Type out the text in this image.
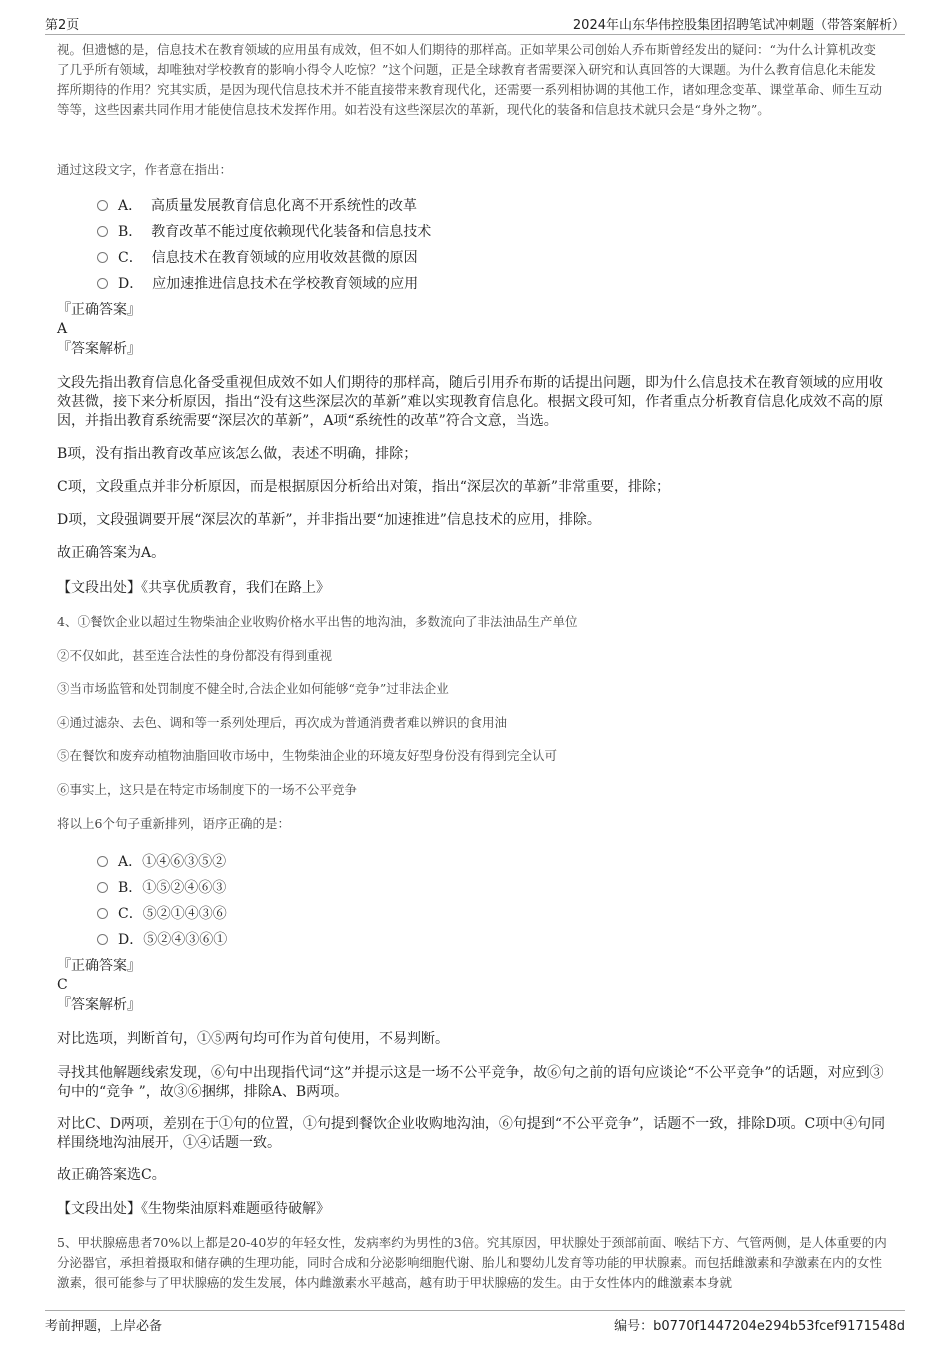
第2页	2024年山东华伟控股集团招聘笔试冲刺题（带答案解析）

视。但遗憾的是，信息技术在教育领域的应用虽有成效，但不如人们期待的那样高。正如苹果公司创始人乔布斯曾经发出的疑问：“为什么计算机改变了几乎所有领域，却唯独对学校教育的影响小得令人吃惊？”这个问题，正是全球教育者需要深入研究和认真回答的大课题。为什么教育信息化未能发挥所期待的作用？究其实质，是因为现代信息技术并不能直接带来教育现代化，还需要一系列相协调的其他工作，诸如理念变革、课堂革命、师生互动等等，这些因素共同作用才能使信息技术发挥作用。如若没有这些深层次的革新，现代化的装备和信息技术就只会是“身外之物”。

通过这段文字，作者意在指出：

A． 高质量发展教育信息化离不开系统性的改革
B． 教育改革不能过度依赖现代化装备和信息技术
C． 信息技术在教育领域的应用收效甚微的原因
D． 应加速推进信息技术在学校教育领域的应用

『正确答案』

A

『答案解析』

文段先指出教育信息化备受重视但成效不如人们期待的那样高，随后引用乔布斯的话提出问题，即为什么信息技术在教育领域的应用收效甚微，接下来分析原因，指出“没有这些深层次的革新”难以实现教育信息化。根据文段可知，作者重点分析教育信息化成效不高的原因，并指出教育系统需要“深层次的革新”，A项“系统性的改革”符合文意，当选。

B项，没有指出教育改革应该怎么做，表述不明确，排除；

C项，文段重点并非分析原因，而是根据原因分析给出对策，指出“深层次的革新”非常重要，排除；

D项，文段强调要开展“深层次的革新”，并非指出要“加速推进”信息技术的应用，排除。

故正确答案为A。

【文段出处】《共享优质教育，我们在路上》

4、①餐饮企业以超过生物柴油企业收购价格水平出售的地沟油，多数流向了非法油品生产单位

②不仅如此，甚至连合法性的身份都没有得到重视

③当市场监管和处罚制度不健全时,合法企业如何能够“竞争”过非法企业

④通过滤杂、去色、调和等一系列处理后，再次成为普通消费者难以辨识的食用油

⑤在餐饮和废弃动植物油脂回收市场中，生物柴油企业的环境友好型身份没有得到完全认可

⑥事实上，这只是在特定市场制度下的一场不公平竞争

将以上6个句子重新排列，语序正确的是：

A．①④⑥③⑤②
B．①⑤②④⑥③
C．⑤②①④③⑥
D．⑤②④③⑥①

『正确答案』

C

『答案解析』

对比选项，判断首句，①⑤两句均可作为首句使用，不易判断。

寻找其他解题线索发现，⑥句中出现指代词“这”并提示这是一场不公平竞争，故⑥句之前的语句应谈论“不公平竞争”的话题，对应到③句中的“竞争 ”，故③⑥捆绑，排除A、B两项。

对比C、D两项，差别在于①句的位置，①句提到餐饮企业收购地沟油，⑥句提到“不公平竞争”，话题不一致，排除D项。C项中④句同样围绕地沟油展开，①④话题一致。

故正确答案选C。

【文段出处】《生物柴油原料难题亟待破解》

5、甲状腺癌患者70%以上都是20-40岁的年轻女性，发病率约为男性的3倍。究其原因，甲状腺处于颈部前面、喉结下方、气管两侧，是人体重要的内分泌器官，承担着摄取和储存碘的生理功能，同时合成和分泌影响细胞代谢、胎儿和婴幼儿发育等功能的甲状腺素。而包括雌激素和孕激素在内的女性激素，很可能参与了甲状腺癌的发生发展，体内雌激素水平越高，越有助于甲状腺癌的发生。由于女性体内的雌激素本身就

考前押题，上岸必备	编号：b0770f1447204e294b53fcef9171548d
